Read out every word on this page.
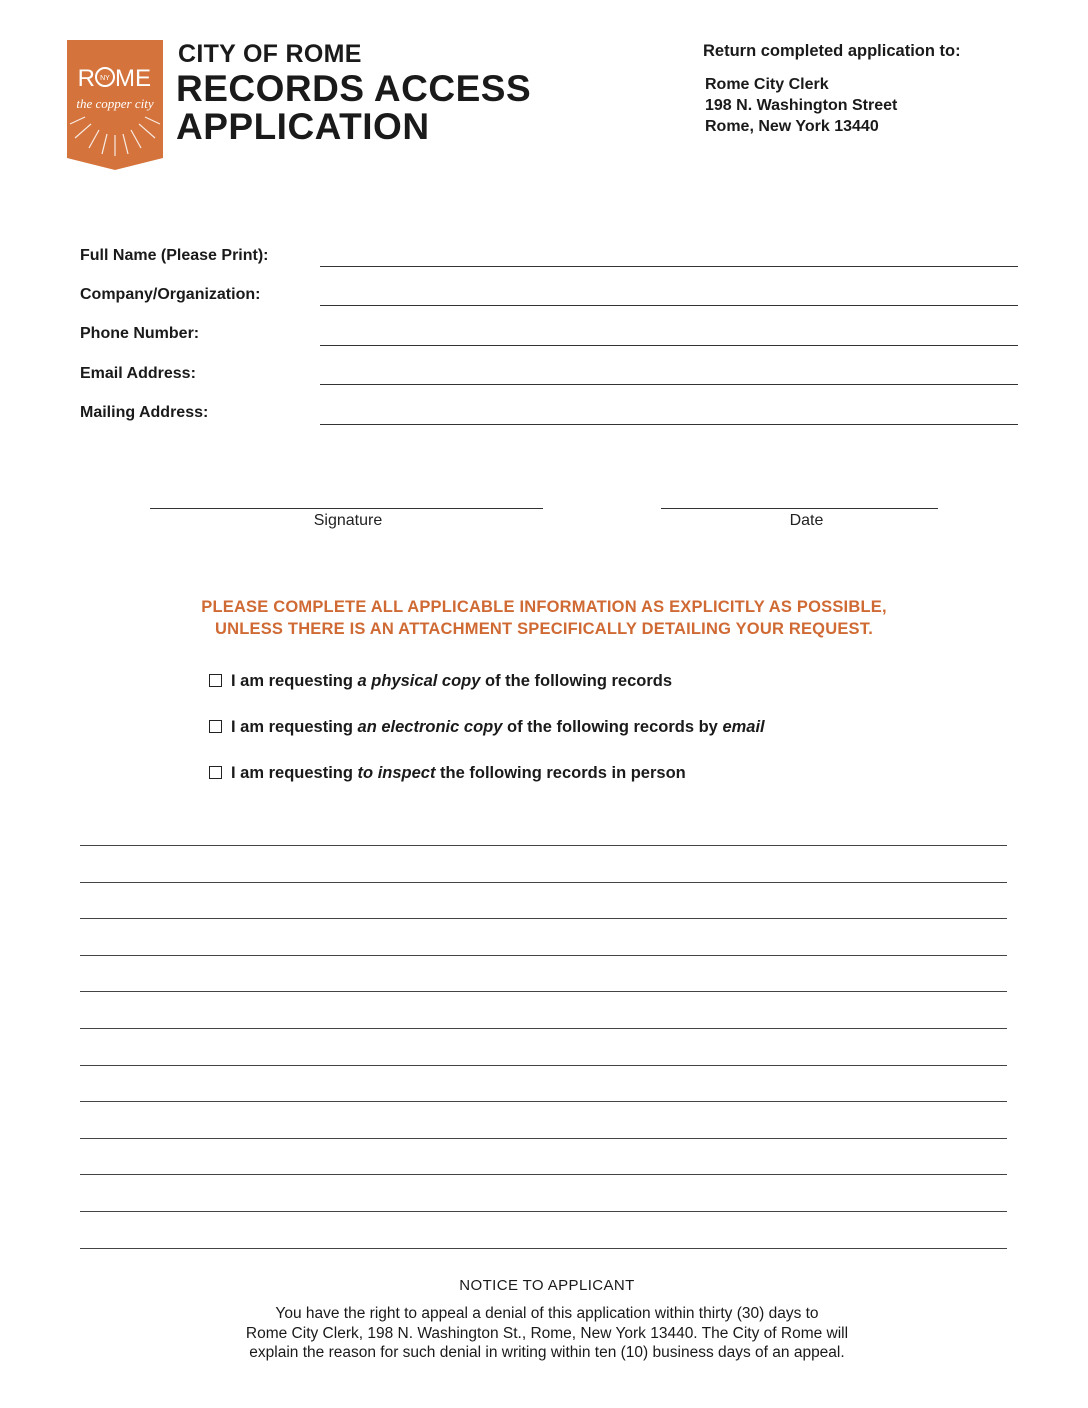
R NY ME
the copper city
CITY OF ROME
RECORDS ACCESS
APPLICATION
Return completed application to:
Rome City Clerk
198 N. Washington Street
Rome, New York 13440
Full Name (Please Print):
Company/Organization:
Phone Number:
Email Address:
Mailing Address:
Signature	Date
PLEASE COMPLETE ALL APPLICABLE INFORMATION AS EXPLICITLY AS POSSIBLE,
UNLESS THERE IS AN ATTACHMENT SPECIFICALLY DETAILING YOUR REQUEST.
I am requesting a physical copy of the following records
I am requesting an electronic copy of the following records by email
I am requesting to inspect the following records in person
NOTICE TO APPLICANT
You have the right to appeal a denial of this application within thirty (30) days to
Rome City Clerk, 198 N. Washington St., Rome, New York 13440. The City of Rome will
explain the reason for such denial in writing within ten (10) business days of an appeal.
